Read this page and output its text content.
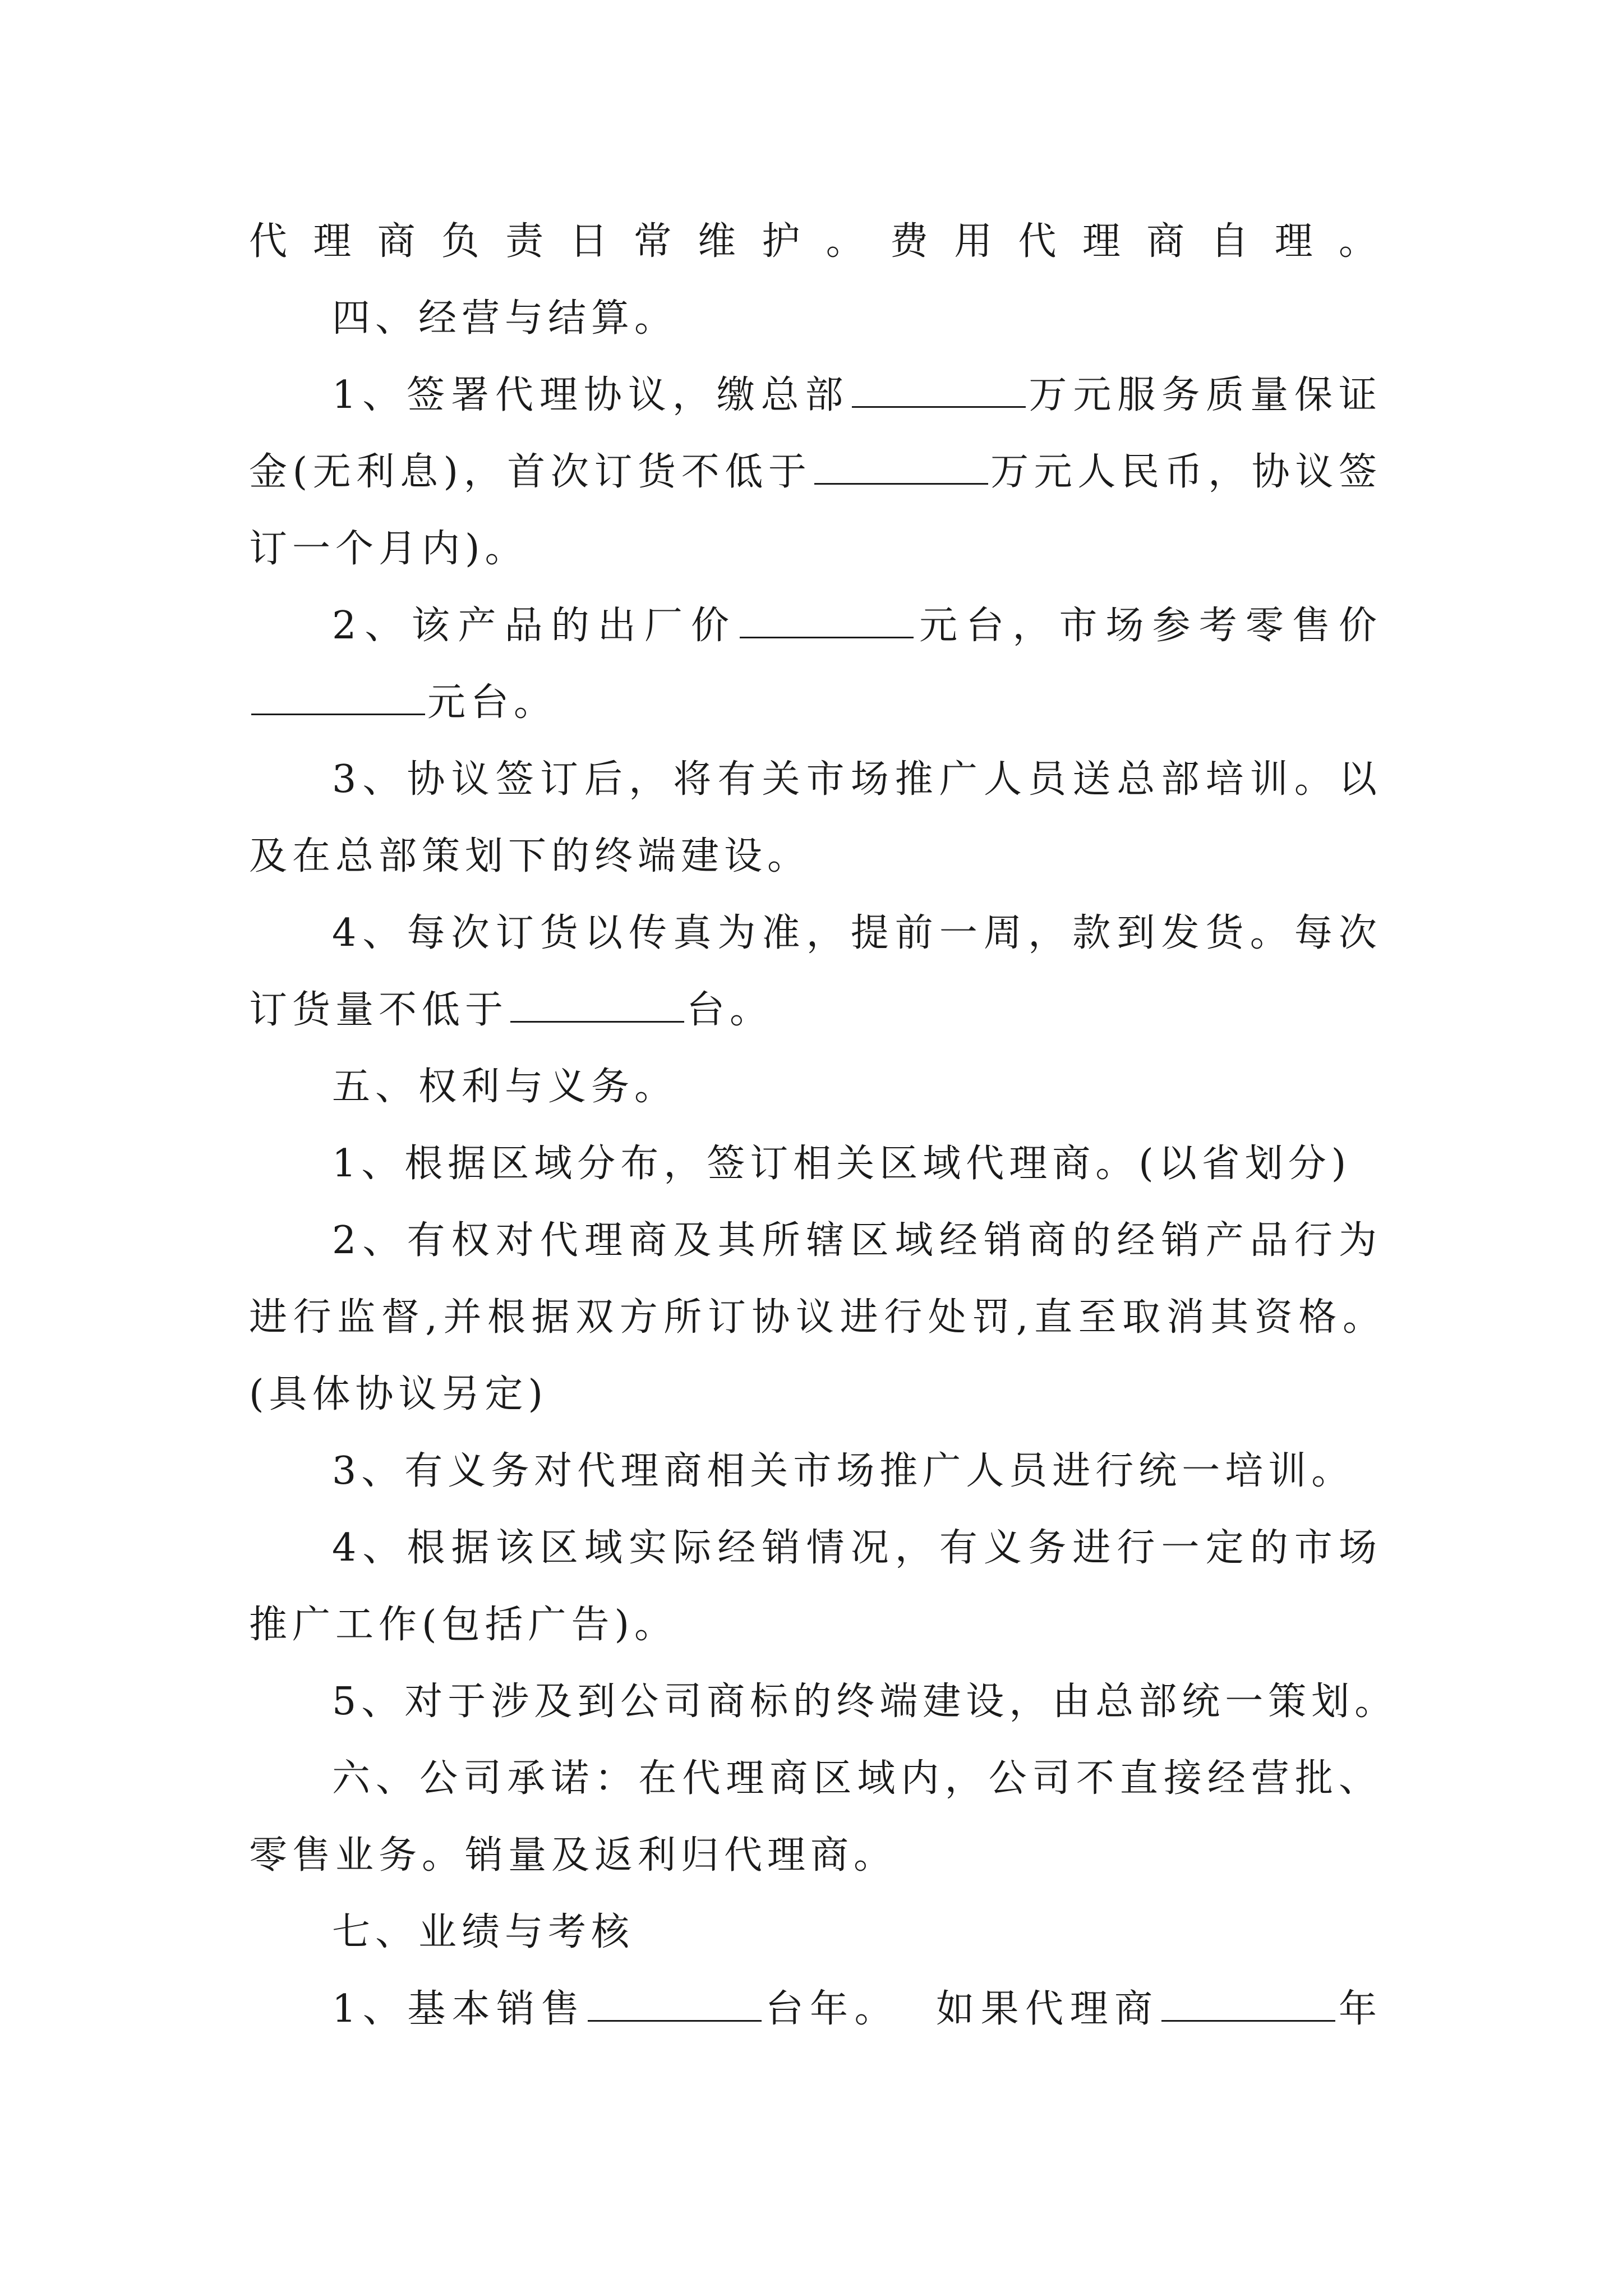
代理商负责日常维护。费用代理商自理。
四、经营与结算。
1、签署代理协议，缴总部	万元服务质量保证
金(无利息)，首次订货不低于	万元人民币，协议签
订一个月内)。
2、该产品的出厂价	元台，市场参考零售价
元台。
3、协议签订后，将有关市场推广人员送总部培训。以
及在总部策划下的终端建设。
4、每次订货以传真为准，提前一周，款到发货。每次
订货量不低于	台。
五、权利与义务。
1、根据区域分布，签订相关区域代理商。(以省划分)
2、有权对代理商及其所辖区域经销商的经销产品行为
进行监督,并根据双方所订协议进行处罚,直至取消其资格。
(具体协议另定)
3、有义务对代理商相关市场推广人员进行统一培训。
4、根据该区域实际经销情况，有义务进行一定的市场
推广工作(包括广告)。
5、对于涉及到公司商标的终端建设，由总部统一策划。
六、公司承诺：在代理商区域内，公司不直接经营批、
零售业务。销量及返利归代理商。
七、业绩与考核
1、基本销售	台年。  如果代理商	年
